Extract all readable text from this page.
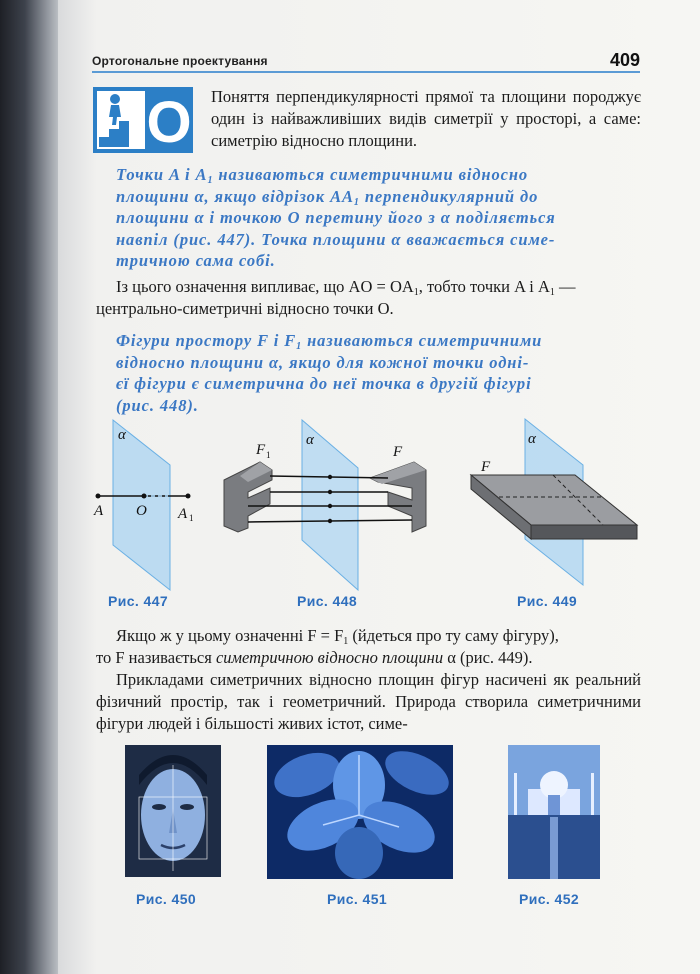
Ортогональне проектування	409
O Поняття перпендикулярності прямої та площини породжує один із найважливіших видів симетрії у просторі, а саме: симетрію відносно площини.
Точки A і $A_1$ називаються симетричними відносно
площини α, якщо відрізок $AA_1$ перпендикулярний до
площини α і точкою O перетину його з α поділяється
навпіл (рис. 447). Точка площини α вважається симе-
тричною сама собі.
Із цього означення випливає, що AO = $OA_1$, тобто точки A і $A_1$ —
центрально-симетричні відносно точки O.
Фігури простору F і $F_1$ називаються симетричними
відносно площини α, якщо для кожної точки одні-
єї фігури є симетрична до неї точка в другій фігурі
(рис. 448).
α
A O A 1
Рис. 447
α
F 1	F
Рис. 448
α
F
Рис. 449
Якщо ж у цьому означенні $F = F_1$ (йдеться про ту саму фігуру),
то F називається симетричною відносно площини α (рис. 449).
Прикладами симетричних відносно площин фігур насичені як реальний фізичний простір, так і геометричний. Природа створила симетричними фігури людей і більшості живих істот, симе-
Рис. 450	Рис. 451	Рис. 452
